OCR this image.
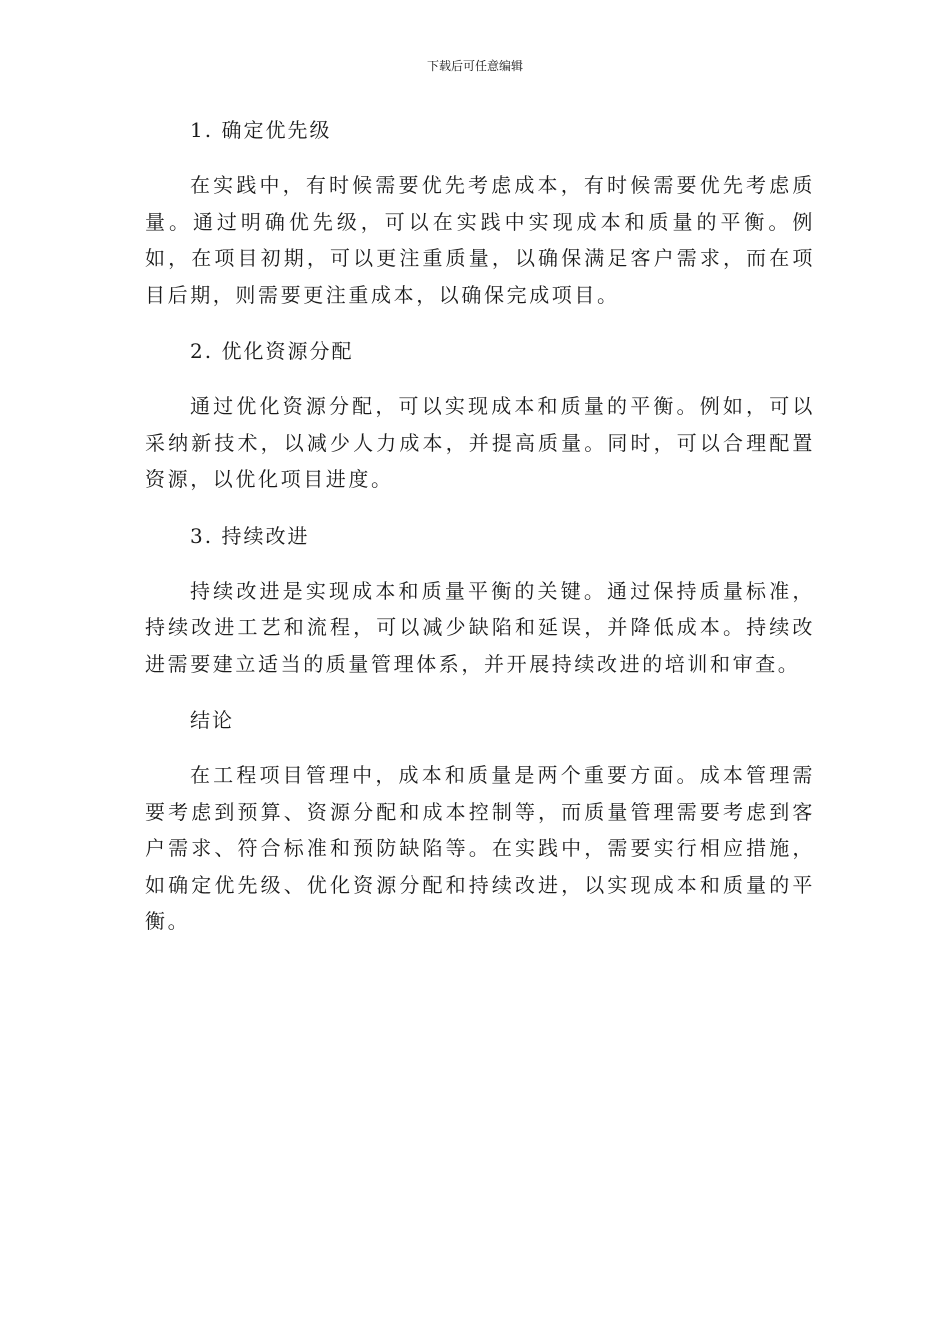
下载后可任意编辑
1. 确定优先级

在实践中，有时候需要优先考虑成本，有时候需要优先考虑质量。通过明确优先级，可以在实践中实现成本和质量的平衡。例如，在项目初期，可以更注重质量，以确保满足客户需求，而在项目后期，则需要更注重成本，以确保完成项目。

2. 优化资源分配

通过优化资源分配，可以实现成本和质量的平衡。例如，可以采纳新技术，以减少人力成本，并提高质量。同时，可以合理配置资源，以优化项目进度。

3. 持续改进

持续改进是实现成本和质量平衡的关键。通过保持质量标准，持续改进工艺和流程，可以减少缺陷和延误，并降低成本。持续改进需要建立适当的质量管理体系，并开展持续改进的培训和审查。

结论

在工程项目管理中，成本和质量是两个重要方面。成本管理需要考虑到预算、资源分配和成本控制等，而质量管理需要考虑到客户需求、符合标准和预防缺陷等。在实践中，需要实行相应措施，如确定优先级、优化资源分配和持续改进，以实现成本和质量的平衡。
